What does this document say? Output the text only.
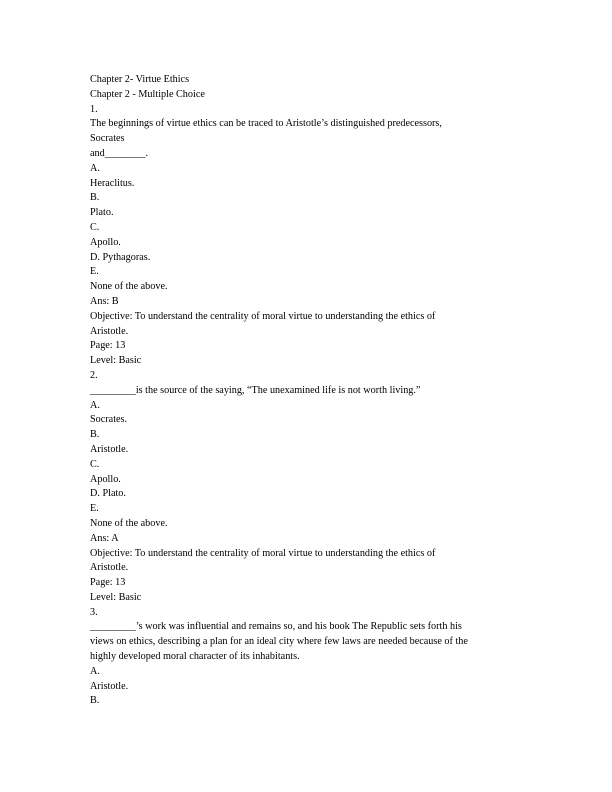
Chapter 2- Virtue Ethics
Chapter 2 - Multiple Choice
1.
The beginnings of virtue ethics can be traced to Aristotle’s distinguished predecessors,
Socrates
and________.
A.
Heraclitus.
B.
Plato.
C.
Apollo.
D. Pythagoras.
E.
None of the above.
Ans: B
Objective: To understand the centrality of moral virtue to understanding the ethics of
Aristotle.
Page: 13
Level: Basic
2.
_________is the source of the saying, “The unexamined life is not worth living.”
A.
Socrates.
B.
Aristotle.
C.
Apollo.
D. Plato.
E.
None of the above.
Ans: A
Objective: To understand the centrality of moral virtue to understanding the ethics of
Aristotle.
Page: 13
Level: Basic
3.
_________’s work was influential and remains so, and his book The Republic sets forth his
views on ethics, describing a plan for an ideal city where few laws are needed because of the
highly developed moral character of its inhabitants.
A.
Aristotle.
B.
